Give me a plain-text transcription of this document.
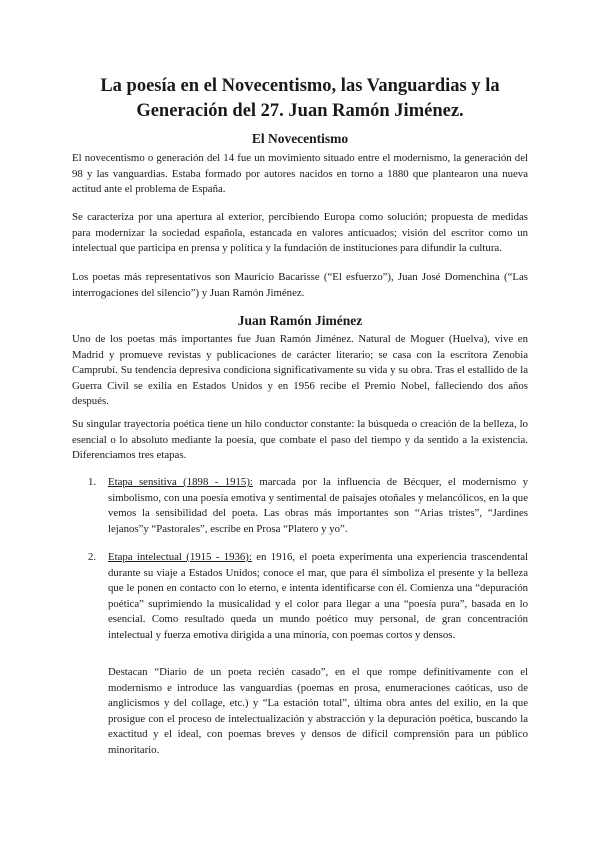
La poesía en el Novecentismo, las Vanguardias y la
Generación del 27. Juan Ramón Jiménez.
El Novecentismo

El novecentismo o generación del 14 fue un movimiento situado entre el modernismo, la generación del 98 y las vanguardias. Estaba formado por autores nacidos en torno a 1880 que plantearon una nueva actitud ante el problema de España.

Se caracteriza por una apertura al exterior, percibiendo Europa como solución; propuesta de medidas para modernizar la sociedad española, estancada en valores anticuados; visión del escritor como un intelectual que participa en prensa y política y la fundación de instituciones para difundir la cultura.

Los poetas más representativos son Mauricio Bacarisse (“El esfuerzo”), Juan José Domenchina (“Las interrogaciones del silencio”) y Juan Ramón Jiménez.

Juan Ramón Jiménez

Uno de los poetas más importantes fue Juan Ramón Jiménez. Natural de Moguer (Huelva), vive en Madrid y promueve revistas y publicaciones de carácter literario; se casa con la escritora Zenobia Camprubí. Su tendencia depresiva condiciona significativamente su vida y su obra. Tras el estallido de la Guerra Civil se exilia en Estados Unidos y en 1956 recibe el Premio Nobel, falleciendo dos años después.

Su singular trayectoria poética tiene un hilo conductor constante: la búsqueda o creación de la belleza, lo esencial o lo absoluto mediante la poesía, que combate el paso del tiempo y da sentido a la existencia. Diferenciamos tres etapas.

1. Etapa sensitiva (1898 - 1915): marcada por la influencia de Bécquer, el modernismo y simbolismo, con una poesía emotiva y sentimental de paisajes otoñales y melancólicos, en la que vemos la sensibilidad del poeta. Las obras más importantes son “Arias tristes”, “Jardines lejanos”y “Pastorales”, escribe en Prosa “Platero y yo”.

2. Etapa intelectual (1915 - 1936): en 1916, el poeta experimenta una experiencia trascendental durante su viaje a Estados Unidos; conoce el mar, que para él simboliza el presente y la belleza que le ponen en contacto con lo eterno, e intenta identificarse con él. Comienza una “depuración poética” suprimiendo la musicalidad y el color para llegar a una “poesía pura”, basada en lo esencial. Como resultado queda un mundo poético muy personal, de gran concentración intelectual y fuerza emotiva dirigida a una minoría, con poemas cortos y densos.

Destacan “Diario de un poeta recién casado”, en el que rompe definitivamente con el modernismo e introduce las vanguardias (poemas en prosa, enumeraciones caóticas, uso de anglicismos y del collage, etc.) y “La estación total”, última obra antes del exilio, en la que prosigue con el proceso de intelectualización y abstracción y la depuración poética, buscando la exactitud y el ideal, con poemas breves y densos de difícil comprensión para un público minoritario.
